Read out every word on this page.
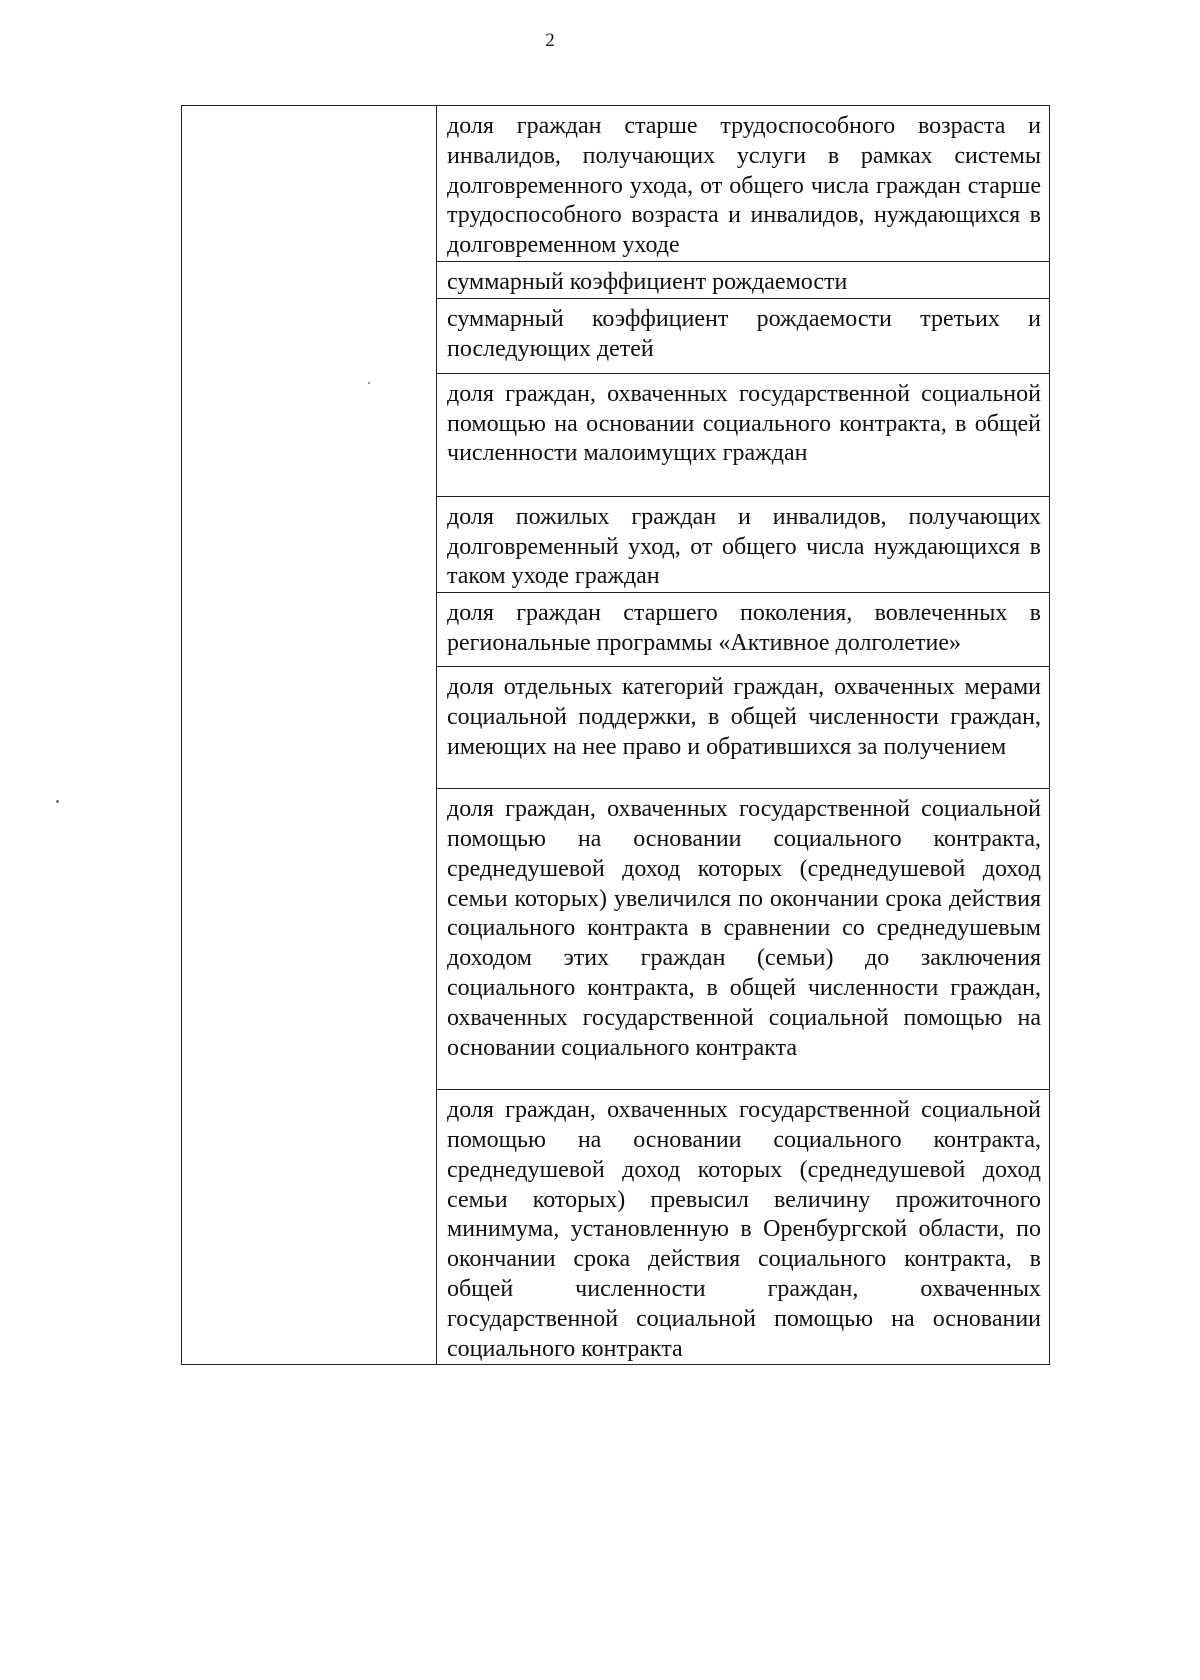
2

доля граждан старше трудоспособного возраста и инвалидов, получающих услуги в рамках системы долговременного ухода, от общего числа граждан старше трудоспособного возраста и инвалидов, нуждающихся в долговременном уходе

суммарный коэффициент рождаемости

суммарный коэффициент рождаемости третьих и последующих детей

доля граждан, охваченных государственной социальной помощью на основании социального контракта, в общей численности малоимущих граждан

доля пожилых граждан и инвалидов, получающих долговременный уход, от общего числа нуждающихся в таком уходе граждан

доля граждан старшего поколения, вовлеченных в региональные программы «Активное долголетие»

доля отдельных категорий граждан, охваченных мерами социальной поддержки, в общей численности граждан, имеющих на нее право и обратившихся за получением

доля граждан, охваченных государственной социальной помощью на основании социального контракта, среднедушевой доход которых (среднедушевой доход семьи которых) увеличился по окончании срока действия социального контракта в сравнении со среднедушевым доходом этих граждан (семьи) до заключения социального контракта, в общей численности граждан, охваченных государственной социальной помощью на основании социального контракта

доля граждан, охваченных государственной социальной помощью на основании социального контракта, среднедушевой доход которых (среднедушевой доход семьи которых) превысил величину прожиточного минимума, установленную в Оренбургской области, по окончании срока действия социального контракта, в общей численности граждан, охваченных государственной социальной помощью на основании социального контракта
